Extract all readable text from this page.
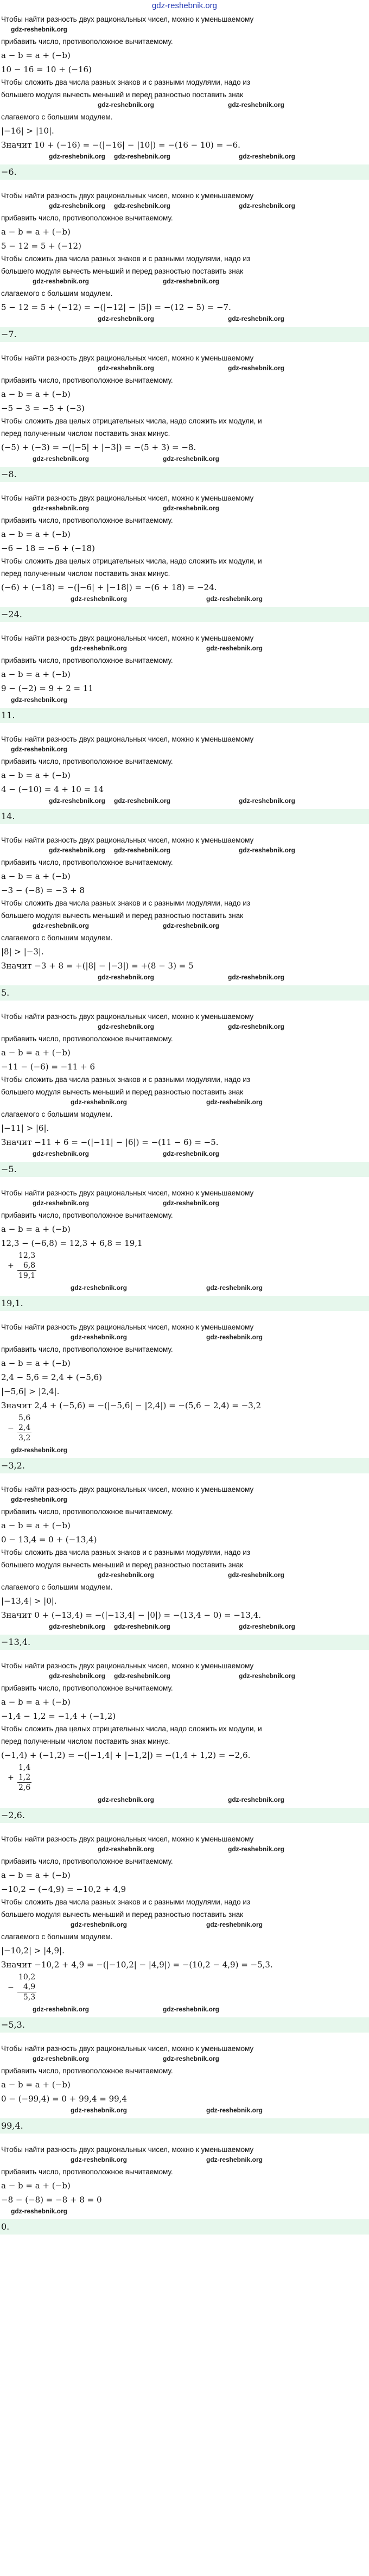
gdz-reshebnik.org
Чтобы найти разность двух рациональных чисел, можно к уменьшаемому
gdz-reshebnik.org
прибавить число, противоположное вычитаемому.
a − b = a + (−b)
10 − 16 = 10 + (−16)
Чтобы сложить два числа разных знаков и с разными модулями, надо из
большего модуля вычесть меньший и перед разностью поставить знак
gdz-reshebnik.org	gdz-reshebnik.org
слагаемого с большим модулем.
|−16| > |10|.
Значит 10 + (−16) = −(|−16| − |10|) = −(16 − 10) = −6.
gdz-reshebnik.org gdz-reshebnik.org	gdz-reshebnik.org
−6.
Чтобы найти разность двух рациональных чисел, можно к уменьшаемому
gdz-reshebnik.org gdz-reshebnik.org	gdz-reshebnik.org
прибавить число, противоположное вычитаемому.
a − b = a + (−b)
5 − 12 = 5 + (−12)
Чтобы сложить два числа разных знаков и с разными модулями, надо из
большего модуля вычесть меньший и перед разностью поставить знак
gdz-reshebnik.org	gdz-reshebnik.org
слагаемого с большим модулем.
5 − 12 = 5 + (−12) = −(|−12| − |5|) = −(12 − 5) = −7.
gdz-reshebnik.org	gdz-reshebnik.org
−7.
Чтобы найти разность двух рациональных чисел, можно к уменьшаемому
gdz-reshebnik.org	gdz-reshebnik.org
прибавить число, противоположное вычитаемому.
a − b = a + (−b)
−5 − 3 = −5 + (−3)
Чтобы сложить два целых отрицательных числа, надо сложить их модули, и
перед полученным числом поставить знак минус.
(−5) + (−3) = −(|−5| + |−3|) = −(5 + 3) = −8.
gdz-reshebnik.org	gdz-reshebnik.org
−8.
Чтобы найти разность двух рациональных чисел, можно к уменьшаемому
gdz-reshebnik.org	gdz-reshebnik.org
прибавить число, противоположное вычитаемому.
a − b = a + (−b)
−6 − 18 = −6 + (−18)
Чтобы сложить два целых отрицательных числа, надо сложить их модули, и
перед полученным числом поставить знак минус.
(−6) + (−18) = −(|−6| + |−18|) = −(6 + 18) = −24.
gdz-reshebnik.org	gdz-reshebnik.org
−24.
Чтобы найти разность двух рациональных чисел, можно к уменьшаемому
gdz-reshebnik.org	gdz-reshebnik.org
прибавить число, противоположное вычитаемому.
a − b = a + (−b)
9 − (−2) = 9 + 2 = 11
gdz-reshebnik.org
11.
Чтобы найти разность двух рациональных чисел, можно к уменьшаемому
gdz-reshebnik.org
прибавить число, противоположное вычитаемому.
a − b = a + (−b)
4 − (−10) = 4 + 10 = 14
gdz-reshebnik.org gdz-reshebnik.org	gdz-reshebnik.org
14.
Чтобы найти разность двух рациональных чисел, можно к уменьшаемому
gdz-reshebnik.org gdz-reshebnik.org	gdz-reshebnik.org
прибавить число, противоположное вычитаемому.
a − b = a + (−b)
−3 − (−8) = −3 + 8
Чтобы сложить два числа разных знаков и с разными модулями, надо из
большего модуля вычесть меньший и перед разностью поставить знак
gdz-reshebnik.org	gdz-reshebnik.org
слагаемого с большим модулем.
|8| > |−3|.
Значит −3 + 8 = +(|8| − |−3|) = +(8 − 3) = 5
gdz-reshebnik.org	gdz-reshebnik.org
5.
Чтобы найти разность двух рациональных чисел, можно к уменьшаемому
gdz-reshebnik.org	gdz-reshebnik.org
прибавить число, противоположное вычитаемому.
a − b = a + (−b)
−11 − (−6) = −11 + 6
Чтобы сложить два числа разных знаков и с разными модулями, надо из
большего модуля вычесть меньший и перед разностью поставить знак
gdz-reshebnik.org	gdz-reshebnik.org
слагаемого с большим модулем.
|−11| > |6|.
Значит −11 + 6 = −(|−11| − |6|) = −(11 − 6) = −5.
gdz-reshebnik.org	gdz-reshebnik.org
−5.
Чтобы найти разность двух рациональных чисел, можно к уменьшаемому
gdz-reshebnik.org	gdz-reshebnik.org
прибавить число, противоположное вычитаемому.
a − b = a + (−b)
12,3 − (−6,8) = 12,3 + 6,8 = 19,1
+
12,3
6,8
19,1
gdz-reshebnik.org	gdz-reshebnik.org
19,1.
Чтобы найти разность двух рациональных чисел, можно к уменьшаемому
gdz-reshebnik.org	gdz-reshebnik.org
прибавить число, противоположное вычитаемому.
a − b = a + (−b)
2,4 − 5,6 = 2,4 + (−5,6)
|−5,6| > |2,4|.
Значит 2,4 + (−5,6) = −(|−5,6| − |2,4|) = −(5,6 − 2,4) = −3,2
−
5,6
2,4
3,2
gdz-reshebnik.org
−3,2.
Чтобы найти разность двух рациональных чисел, можно к уменьшаемому
gdz-reshebnik.org
прибавить число, противоположное вычитаемому.
a − b = a + (−b)
0 − 13,4 = 0 + (−13,4)
Чтобы сложить два числа разных знаков и с разными модулями, надо из
большего модуля вычесть меньший и перед разностью поставить знак
gdz-reshebnik.org	gdz-reshebnik.org
слагаемого с большим модулем.
|−13,4| > |0|.
Значит 0 + (−13,4) = −(|−13,4| − |0|) = −(13,4 − 0) = −13,4.
gdz-reshebnik.org gdz-reshebnik.org	gdz-reshebnik.org
−13,4.
Чтобы найти разность двух рациональных чисел, можно к уменьшаемому
gdz-reshebnik.org gdz-reshebnik.org	gdz-reshebnik.org
прибавить число, противоположное вычитаемому.
a − b = a + (−b)
−1,4 − 1,2 = −1,4 + (−1,2)
Чтобы сложить два целых отрицательных числа, надо сложить их модули, и
перед полученным числом поставить знак минус.
(−1,4) + (−1,2) = −(|−1,4| + |−1,2|) = −(1,4 + 1,2) = −2,6.
+
1,4
1,2
2,6
gdz-reshebnik.org	gdz-reshebnik.org
−2,6.
Чтобы найти разность двух рациональных чисел, можно к уменьшаемому
gdz-reshebnik.org	gdz-reshebnik.org
прибавить число, противоположное вычитаемому.
a − b = a + (−b)
−10,2 − (−4,9) = −10,2 + 4,9
Чтобы сложить два числа разных знаков и с разными модулями, надо из
большего модуля вычесть меньший и перед разностью поставить знак
gdz-reshebnik.org	gdz-reshebnik.org
слагаемого с большим модулем.
|−10,2| > |4,9|.
Значит −10,2 + 4,9 = −(|−10,2| − |4,9|) = −(10,2 − 4,9) = −5,3.
−
10,2
4,9
5,3
gdz-reshebnik.org	gdz-reshebnik.org
−5,3.
Чтобы найти разность двух рациональных чисел, можно к уменьшаемому
gdz-reshebnik.org	gdz-reshebnik.org
прибавить число, противоположное вычитаемому.
a − b = a + (−b)
0 − (−99,4) = 0 + 99,4 = 99,4
gdz-reshebnik.org	gdz-reshebnik.org
99,4.
Чтобы найти разность двух рациональных чисел, можно к уменьшаемому
gdz-reshebnik.org	gdz-reshebnik.org
прибавить число, противоположное вычитаемому.
a − b = a + (−b)
−8 − (−8) = −8 + 8 = 0
gdz-reshebnik.org
0.
